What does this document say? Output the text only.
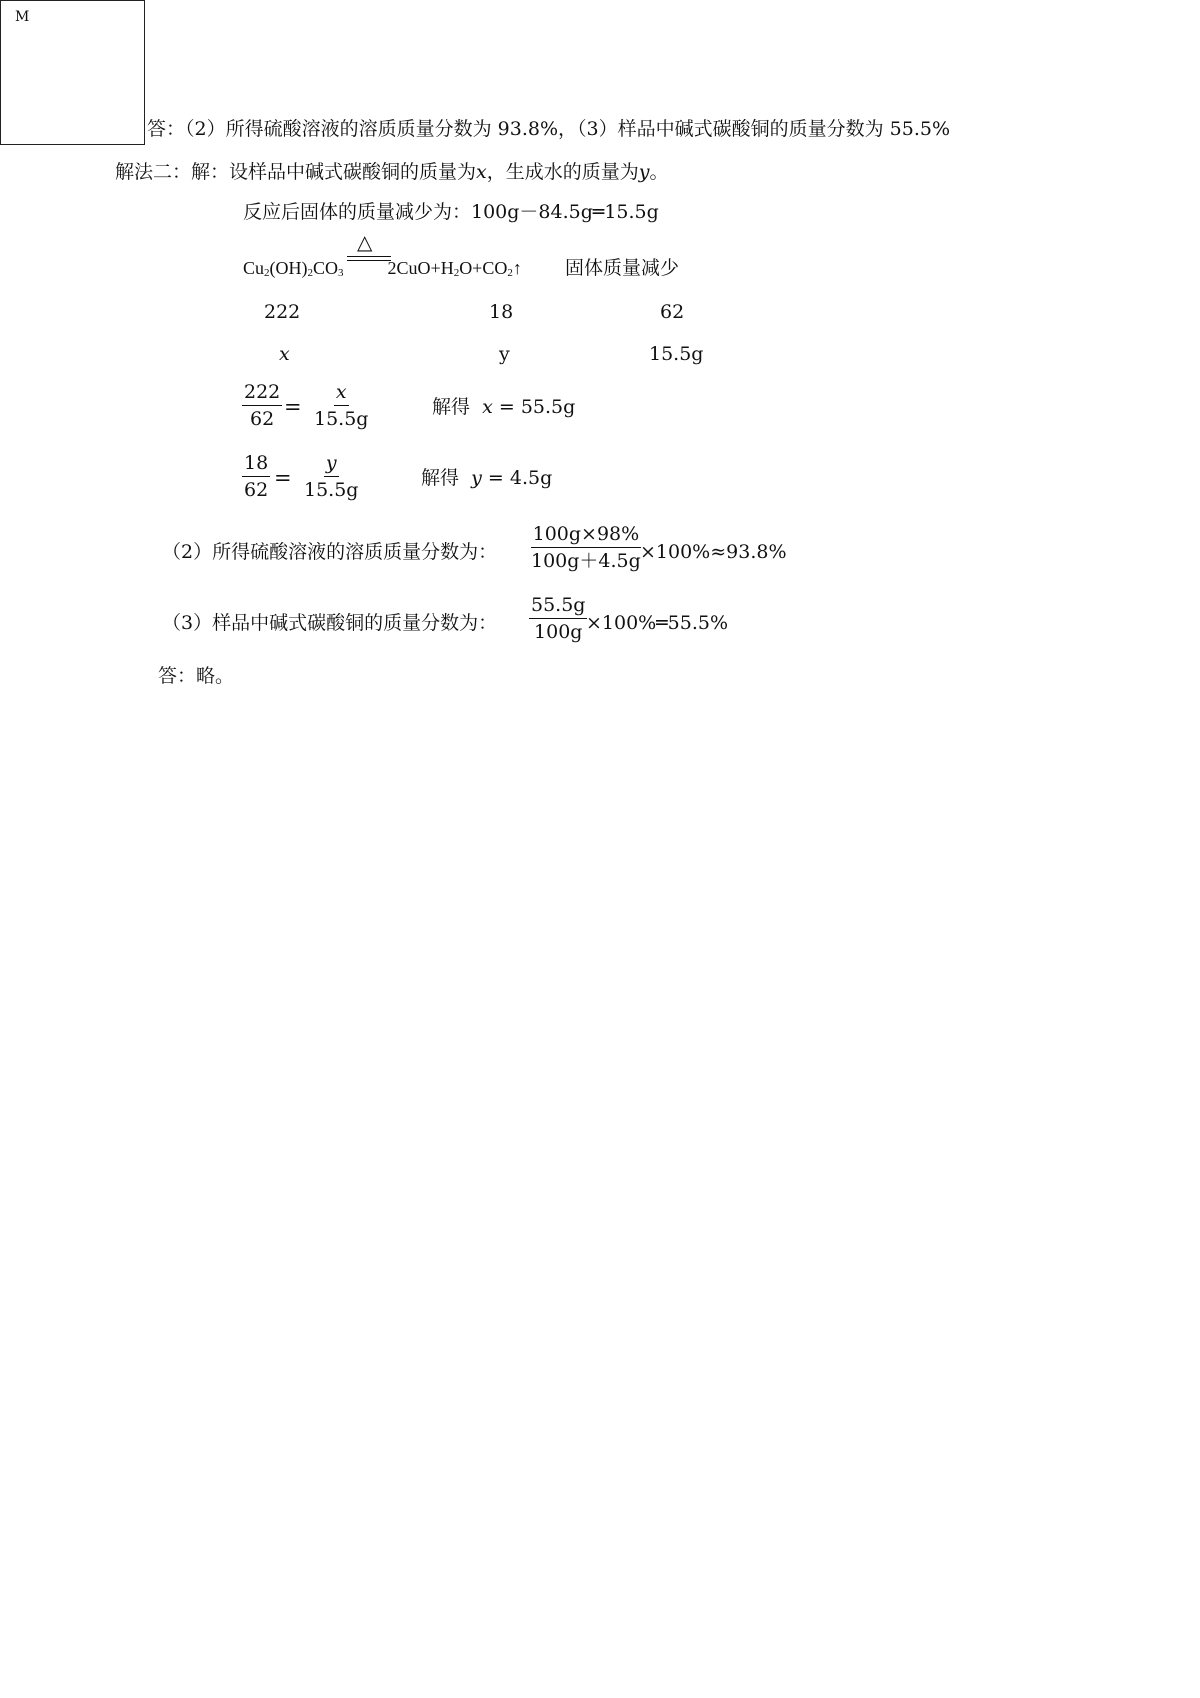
M
答：（2）所得硫酸溶液的溶质质量分数为 93.8%，（3）样品中碱式碳酸铜的质量分数为 55.5%
解法二：解：设样品中碱式碳酸铜的质量为x，生成水的质量为y。
反应后固体的质量减少为：100g－84.5g═15.5g
$Cu_2(OH)_2CO_3$ $2CuO+H_2O+CO_2↑$
△
固体质量减少
222	18	62
x	y	15.5g
$\frac{222}{62} = \frac{x}{15.5g}$	解得 x = 55.5g
$\frac{18}{62} = \frac{y}{15.5g}$	解得 y = 4.5g
（2）所得硫酸溶液的溶质质量分数为： $\frac{100g\times 98\%}{100g+4.5g}$
×100%≈93.8%
（3）样品中碱式碳酸铜的质量分数为： $\frac{55.5g}{100g}$
×100%═55.5%
答：略。
